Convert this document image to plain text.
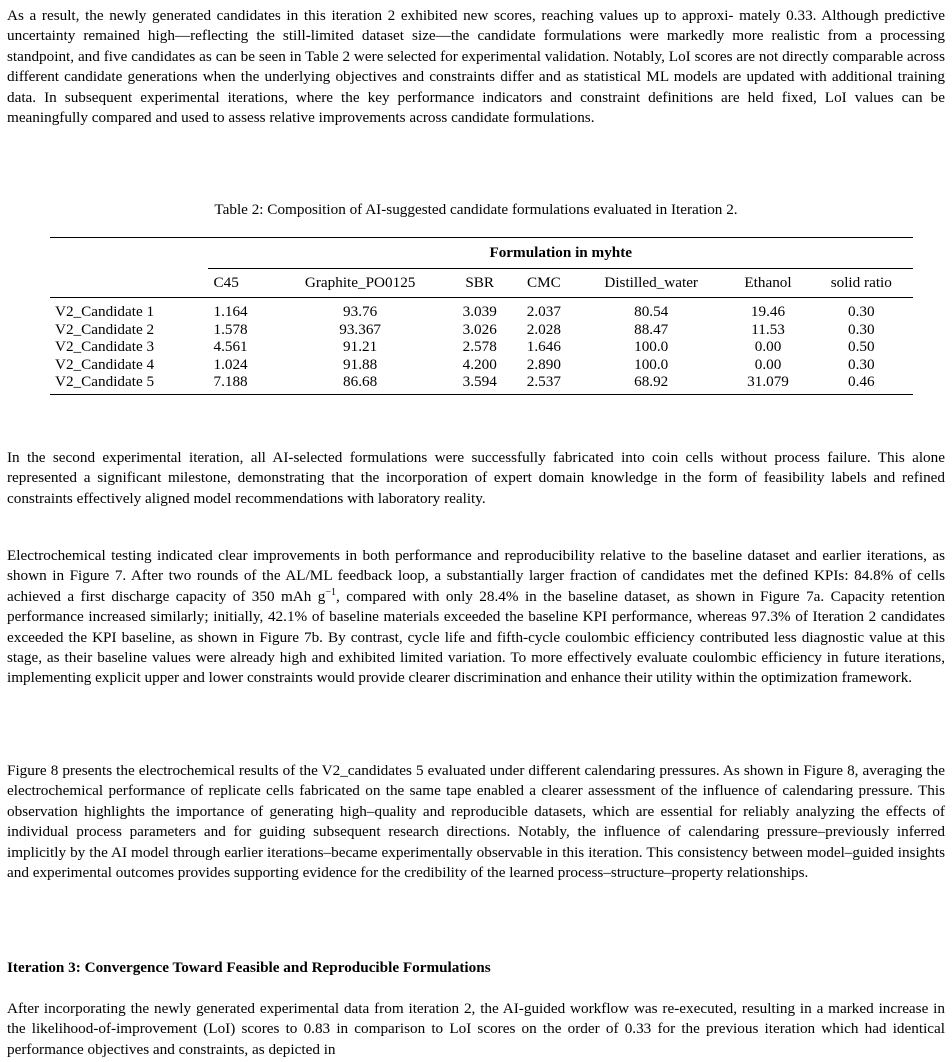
As a result, the newly generated candidates in this iteration 2 exhibited new scores, reaching values up to approxi- mately 0.33. Although predictive uncertainty remained high—reflecting the still-limited dataset size—the candidate formulations were markedly more realistic from a processing standpoint, and five candidates as can be seen in Table 2 were selected for experimental validation. Notably, LoI scores are not directly comparable across different candidate generations when the underlying objectives and constraints differ and as statistical ML models are updated with additional training data. In subsequent experimental iterations, where the key performance indicators and constraint definitions are held fixed, LoI values can be meaningfully compared and used to assess relative improvements across candidate formulations.

Table 2: Composition of AI-suggested candidate formulations evaluated in Iteration 2.
	Formulation in myhte						
	C45	Graphite_PO0125	SBR	CMC	Distilled_water	Ethanol	solid ratio
V2_Candidate 1	1.164	93.76	3.039	2.037	80.54	19.46	0.30
V2_Candidate 2	1.578	93.367	3.026	2.028	88.47	11.53	0.30
V2_Candidate 3	4.561	91.21	2.578	1.646	100.0	0.00	0.50
V2_Candidate 4	1.024	91.88	4.200	2.890	100.0	0.00	0.30
V2_Candidate 5	7.188	86.68	3.594	2.537	68.92	31.079	0.46

In the second experimental iteration, all AI-selected formulations were successfully fabricated into coin cells without process failure. This alone represented a significant milestone, demonstrating that the incorporation of expert domain knowledge in the form of feasibility labels and refined constraints effectively aligned model recommendations with laboratory reality.

Electrochemical testing indicated clear improvements in both performance and reproducibility relative to the baseline dataset and earlier iterations, as shown in Figure 7. After two rounds of the AL/ML feedback loop, a substantially larger fraction of candidates met the defined KPIs: 84.8% of cells achieved a first discharge capacity of 350 mAh $g^{-1}$, compared with only 28.4% in the baseline dataset, as shown in Figure 7a. Capacity retention performance increased similarly; initially, 42.1% of baseline materials exceeded the baseline KPI performance, whereas 97.3% of Iteration 2 candidates exceeded the KPI baseline, as shown in Figure 7b. By contrast, cycle life and fifth-cycle coulombic efficiency contributed less diagnostic value at this stage, as their baseline values were already high and exhibited limited variation. To more effectively evaluate coulombic efficiency in future iterations, implementing explicit upper and lower constraints would provide clearer discrimination and enhance their utility within the optimization framework.

Figure 8 presents the electrochemical results of the V2_candidates 5 evaluated under different calendaring pressures. As shown in Figure 8, averaging the electrochemical performance of replicate cells fabricated on the same tape enabled a clearer assessment of the influence of calendaring pressure. This observation highlights the importance of generating high–quality and reproducible datasets, which are essential for reliably analyzing the effects of individual process parameters and for guiding subsequent research directions. Notably, the influence of calendaring pressure–previously inferred implicitly by the AI model through earlier iterations–became experimentally observable in this iteration. This consistency between model–guided insights and experimental outcomes provides supporting evidence for the credibility of the learned process–structure–property relationships.

Iteration 3: Convergence Toward Feasible and Reproducible Formulations

After incorporating the newly generated experimental data from iteration 2, the AI-guided workflow was re-executed, resulting in a marked increase in the likelihood-of-improvement (LoI) scores to 0.83 in comparison to LoI scores on the order of 0.33 for the previous iteration which had identical performance objectives and constraints, as depicted in
